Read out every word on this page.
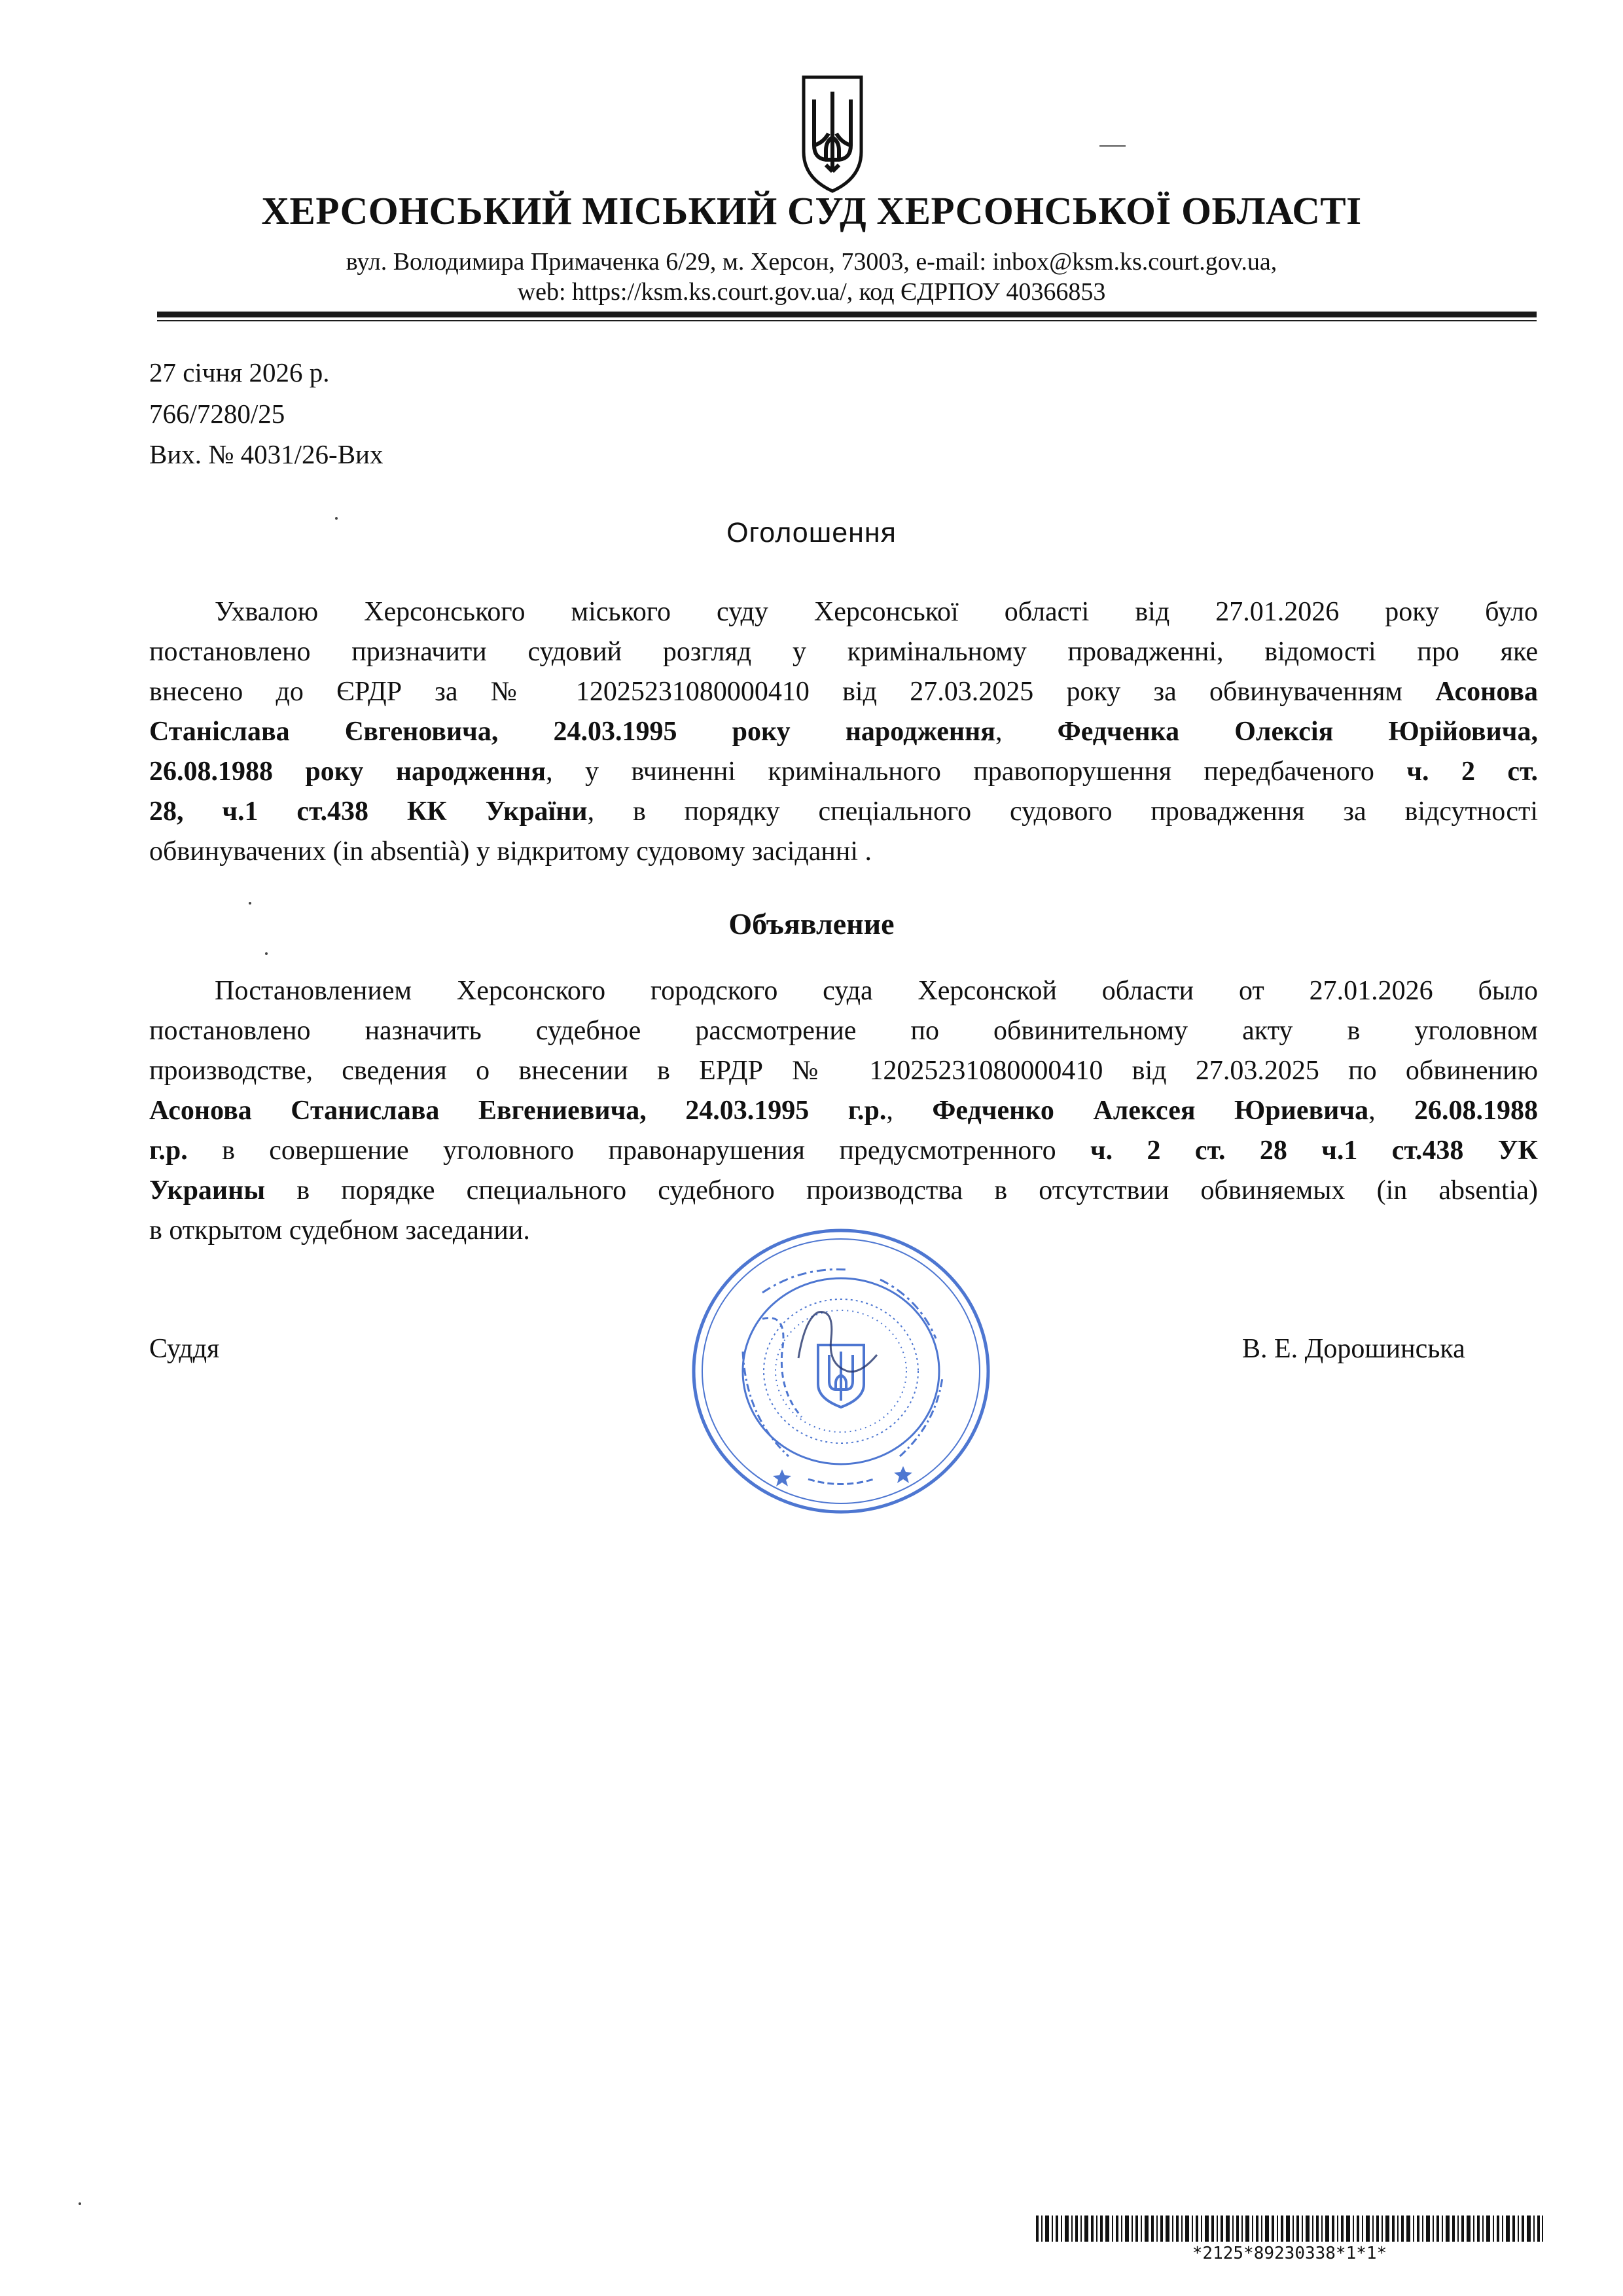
ХЕРСОНСЬКИЙ МІСЬКИЙ СУД ХЕРСОНСЬКОЇ ОБЛАСТІ
вул. Володимира Примаченка 6/29, м. Херсон, 73003, e-mail: inbox@ksm.ks.court.gov.ua,
web: https://ksm.ks.court.gov.ua/, код ЄДРПОУ 40366853
27 січня 2026 р.
766/7280/25
Вих. № 4031/26-Вих
Оголошення
Ухвалою Херсонського міського суду Херсонської області від 27.01.2026 року було
постановлено призначити судовий розгляд у кримінальному провадженні, відомості про яке
внесено до ЄРДР за № 12025231080000410 від 27.03.2025 року за обвинуваченням Асонова
Станіслава Євгеновича, 24.03.1995 року народження, Федченка Олексія Юрійовича,
26.08.1988 року народження, у вчиненні кримінального правопорушення передбаченого ч. 2 ст.
28, ч.1 ст.438 КК України, в порядку спеціального судового провадження за відсутності
обвинувачених (in absentià) у відкритому судовому засіданні .
Объявление
Постановлением Херсонского городского суда Херсонской области от 27.01.2026 было
постановлено назначить судебное рассмотрение по обвинительному акту в уголовном
производстве, сведения о внесении в ЕРДР № 12025231080000410 від 27.03.2025 по обвинению
Асонова Станислава Евгениевича, 24.03.1995 г.р., Федченко Алексея Юриевича, 26.08.1988
г.р. в совершение уголовного правонарушения предусмотренного ч. 2 ст. 28 ч.1 ст.438 УК
Украины в порядке специального судебного производства в отсутствии обвиняемых (in absentia)
в открытом судебном заседании.
Суддя	В. Е. Дорошинська
*2125*89230338*1*1*
